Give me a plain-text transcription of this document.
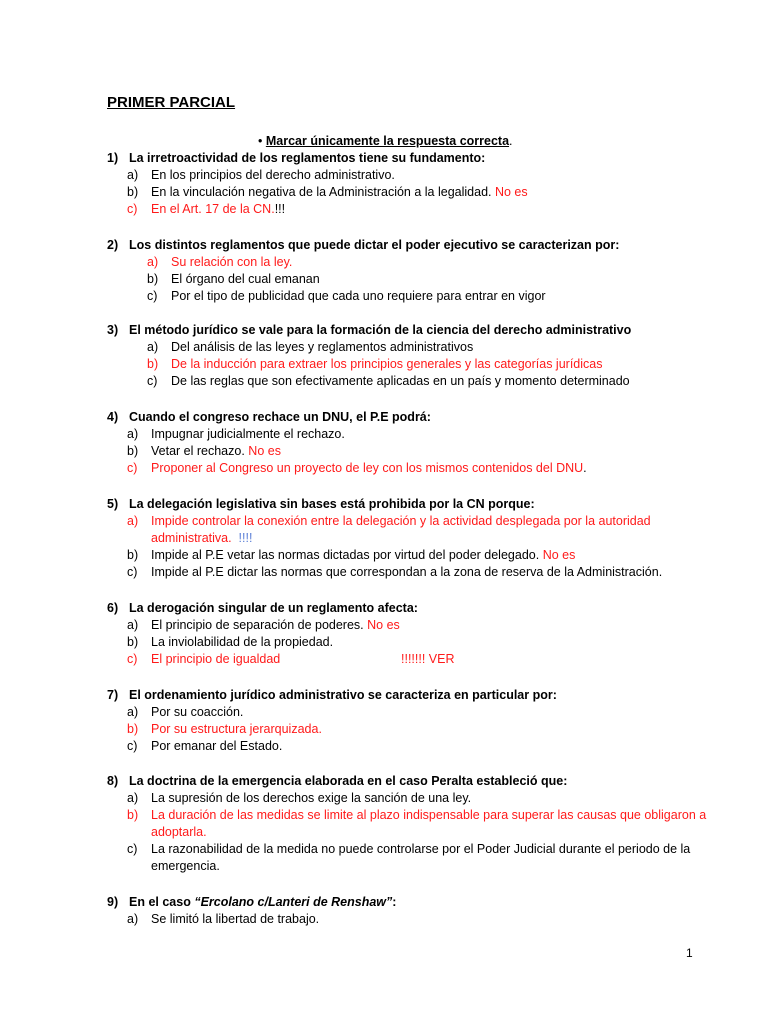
PRIMER PARCIAL
• Marcar únicamente la respuesta correcta.
1) La irretroactividad de los reglamentos tiene su fundamento:
a) En los principios del derecho administrativo.
b) En la vinculación negativa de la Administración a la legalidad. No es
c) En el Art. 17 de la CN.!!!
2) Los distintos reglamentos que puede dictar el poder ejecutivo se caracterizan por:
a) Su relación con la ley.
b) El órgano del cual emanan
c) Por el tipo de publicidad que cada uno requiere para entrar en vigor
3) El método jurídico se vale para la formación de la ciencia del derecho administrativo
a) Del análisis de las leyes y reglamentos administrativos
b) De la inducción para extraer los principios generales y las categorías jurídicas
c) De las reglas que son efectivamente aplicadas en un país y momento determinado
4) Cuando el congreso rechace un DNU, el P.E podrá:
a) Impugnar judicialmente el rechazo.
b) Vetar el rechazo. No es
c) Proponer al Congreso un proyecto de ley con los mismos contenidos del DNU.
5) La delegación legislativa sin bases está prohibida por la CN porque:
a) Impide controlar la conexión entre la delegación y la actividad desplegada por la autoridad administrativa. !!!!
b) Impide al P.E vetar las normas dictadas por virtud del poder delegado. No es
c) Impide al P.E dictar las normas que correspondan a la zona de reserva de la Administración.
6) La derogación singular de un reglamento afecta:
a) El principio de separación de poderes. No es
b) La inviolabilidad de la propiedad.
c) El principio de igualdad	!!!!!!! VER
7) El ordenamiento jurídico administrativo se caracteriza en particular por:
a) Por su coacción.
b) Por su estructura jerarquizada.
c) Por emanar del Estado.
8) La doctrina de la emergencia elaborada en el caso Peralta estableció que:
a) La supresión de los derechos exige la sanción de una ley.
b) La duración de las medidas se limite al plazo indispensable para superar las causas que obligaron a adoptarla.
c) La razonabilidad de la medida no puede controlarse por el Poder Judicial durante el periodo de la emergencia.
9) En el caso “Ercolano c/Lanteri de Renshaw”:
a) Se limitó la libertad de trabajo.
1
